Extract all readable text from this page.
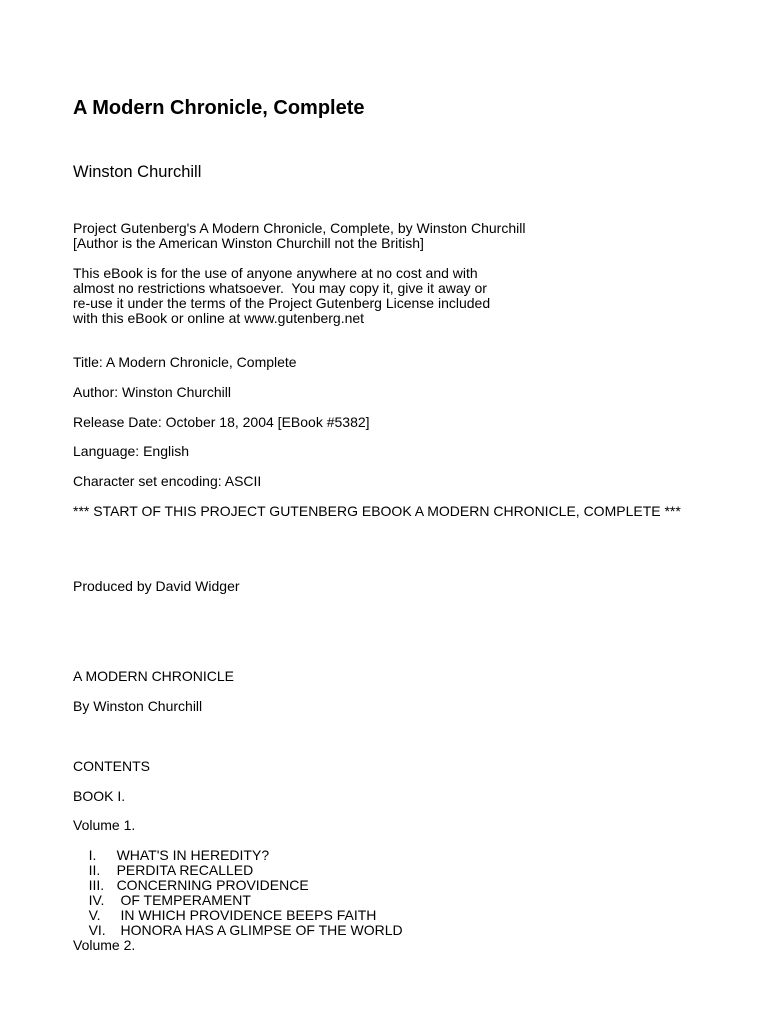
A Modern Chronicle, Complete
Winston Churchill
Project Gutenberg's A Modern Chronicle, Complete, by Winston Churchill
[Author is the American Winston Churchill not the British]
This eBook is for the use of anyone anywhere at no cost and with
almost no restrictions whatsoever.  You may copy it, give it away or
re-use it under the terms of the Project Gutenberg License included
with this eBook or online at www.gutenberg.net
Title: A Modern Chronicle, Complete
Author: Winston Churchill
Release Date: October 18, 2004 [EBook #5382]
Language: English
Character set encoding: ASCII
*** START OF THIS PROJECT GUTENBERG EBOOK A MODERN CHRONICLE, COMPLETE ***
Produced by David Widger
A MODERN CHRONICLE
By Winston Churchill
CONTENTS
BOOK I.
Volume 1.

I. WHAT'S IN HEREDITY?

II. PERDITA RECALLED

III. CONCERNING PROVIDENCE

IV. OF TEMPERAMENT

V. IN WHICH PROVIDENCE BEEPS FAITH

VI. HONORA HAS A GLIMPSE OF THE WORLD

Volume 2.
